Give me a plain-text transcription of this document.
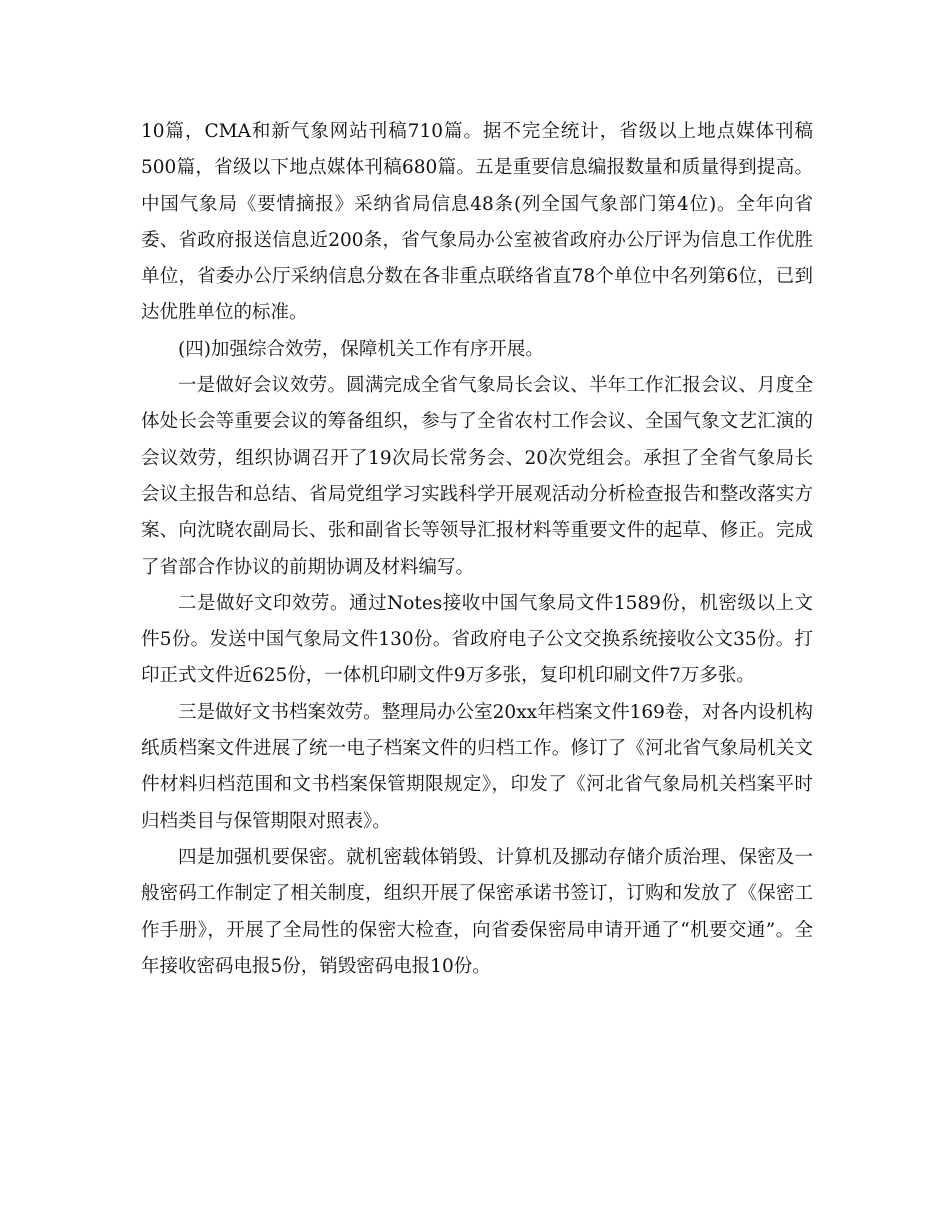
10篇，CMA和新气象网站刊稿710篇。据不完全统计，省级以上地点媒体刊稿500篇，省级以下地点媒体刊稿680篇。五是重要信息编报数量和质量得到提高。中国气象局《要情摘报》采纳省局信息48条(列全国气象部门第4位)。全年向省委、省政府报送信息近200条，省气象局办公室被省政府办公厅评为信息工作优胜单位，省委办公厅采纳信息分数在各非重点联络省直78个单位中名列第6位，已到达优胜单位的标准。

(四)加强综合效劳，保障机关工作有序开展。

一是做好会议效劳。圆满完成全省气象局长会议、半年工作汇报会议、月度全体处长会等重要会议的筹备组织，参与了全省农村工作会议、全国气象文艺汇演的会议效劳，组织协调召开了19次局长常务会、20次党组会。承担了全省气象局长会议主报告和总结、省局党组学习实践科学开展观活动分析检查报告和整改落实方案、向沈晓农副局长、张和副省长等领导汇报材料等重要文件的起草、修正。完成了省部合作协议的前期协调及材料编写。

二是做好文印效劳。通过Notes接收中国气象局文件1589份，机密级以上文件5份。发送中国气象局文件130份。省政府电子公文交换系统接收公文35份。打印正式文件近625份，一体机印刷文件9万多张，复印机印刷文件7万多张。

三是做好文书档案效劳。整理局办公室20xx年档案文件169卷，对各内设机构纸质档案文件进展了统一电子档案文件的归档工作。修订了《河北省气象局机关文件材料归档范围和文书档案保管期限规定》，印发了《河北省气象局机关档案平时归档类目与保管期限对照表》。

四是加强机要保密。就机密载体销毁、计算机及挪动存储介质治理、保密及一般密码工作制定了相关制度，组织开展了保密承诺书签订，订购和发放了《保密工作手册》，开展了全局性的保密大检查，向省委保密局申请开通了“机要交通”。全年接收密码电报5份，销毁密码电报10份。
